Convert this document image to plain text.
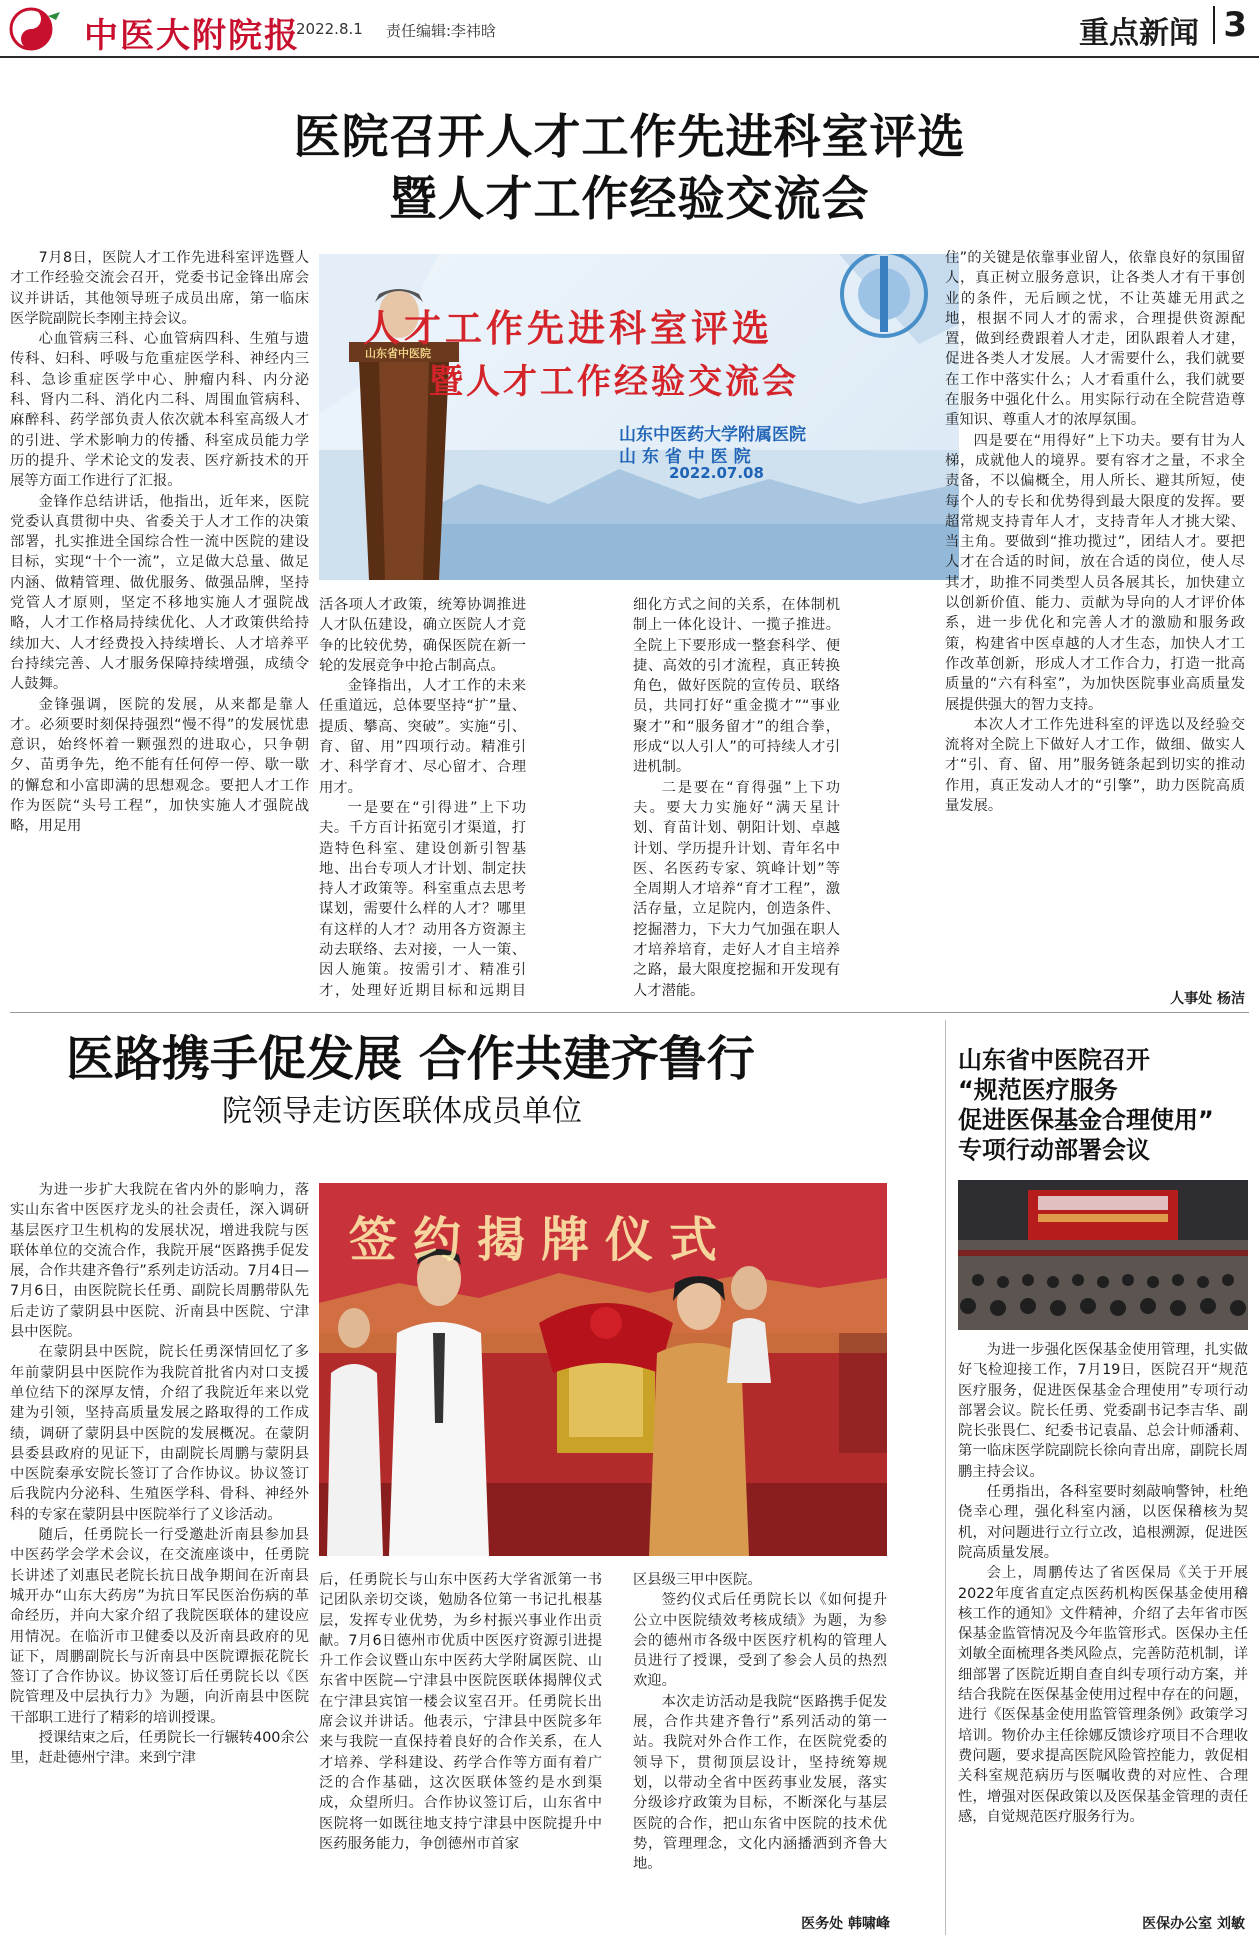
中医大附院报
2022.8.1 责任编辑:李祎晗	重点新闻 3
医院召开人才工作先进科室评选
暨人才工作经验交流会

7月8日，医院人才工作先进科室评选暨人才工作经验交流会召开，党委书记金锋出席会议并讲话，其他领导班子成员出席，第一临床医学院副院长李刚主持会议。

心血管病三科、心血管病四科、生殖与遗传科、妇科、呼吸与危重症医学科、神经内三科、急诊重症医学中心、肿瘤内科、内分泌科、肾内二科、消化内二科、周围血管病科、麻醉科、药学部负责人依次就本科室高级人才的引进、学术影响力的传播、科室成员能力学历的提升、学术论文的发表、医疗新技术的开展等方面工作进行了汇报。

金锋作总结讲话，他指出，近年来，医院党委认真贯彻中央、省委关于人才工作的决策部署，扎实推进全国综合性一流中医院的建设目标，实现“十个一流”，立足做大总量、做足内涵、做精管理、做优服务、做强品牌，坚持党管人才原则，坚定不移地实施人才强院战略，人才工作格局持续优化、人才政策供给持续加大、人才经费投入持续增长、人才培养平台持续完善、人才服务保障持续增强，成绩令人鼓舞。

金锋强调，医院的发展，从来都是靠人才。必须要时刻保持强烈“慢不得”的发展忧患意识，始终怀着一颗强烈的进取心，只争朝夕、苗勇争先，绝不能有任何停一停、歇一歇的懈怠和小富即满的思想观念。要把人才工作作为医院“头号工程”，加快实施人才强院战略，用足用

人才工作先进科室评选
暨人才工作经验交流会
山东中医药大学附属医院
山 东 省 中 医 院
2022.07.08
山东省中医院

活各项人才政策，统筹协调推进人才队伍建设，确立医院人才竞争的比较优势，确保医院在新一轮的发展竞争中抢占制高点。

金锋指出，人才工作的未来任重道远，总体要坚持“扩”量、提质、攀高、突破”。实施“引、育、留、用”四项行动。精准引才、科学育才、尽心留才、合理用才。

一是要在“引得进”上下功夫。千方百计拓宽引才渠道，打造特色科室、建设创新引智基地、出台专项人才计划、制定扶持人才政策等。科室重点去思考谋划，需要什么样的人才？哪里有这样的人才？动用各方资源主动去联络、去对接，一人一策、因人施策。按需引才、精准引才，处理好近期目标和远期目

细化方式之间的关系，在体制机制上一体化设计、一揽子推进。全院上下要形成一整套科学、便捷、高效的引才流程，真正转换角色，做好医院的宣传员、联络员，共同打好“重金揽才”“事业聚才”和“服务留才”的组合拳，形成“以人引人”的可持续人才引进机制。

二是要在“育得强”上下功夫。要大力实施好“满天星计划、育苗计划、朝阳计划、卓越计划、学历提升计划、青年名中医、名医药专家、筑峰计划”等全周期人才培养“育才工程”，激活存量，立足院内，创造条件、挖掘潜力，下大力气加强在职人才培养培育，走好人才自主培养之路，最大限度挖掘和开发现有人才潜能。

住”的关键是依靠事业留人，依靠良好的氛围留人，真正树立服务意识，让各类人才有干事创业的条件，无后顾之忧，不让英雄无用武之地，根据不同人才的需求，合理提供资源配置，做到经费跟着人才走，团队跟着人才建，促进各类人才发展。人才需要什么，我们就要在工作中落实什么；人才看重什么，我们就要在服务中强化什么。用实际行动在全院营造尊重知识、尊重人才的浓厚氛围。

四是要在“用得好”上下功夫。要有甘为人梯，成就他人的境界。要有容才之量，不求全责备，不以偏概全，用人所长、避其所短，使每个人的专长和优势得到最大限度的发挥。要超常规支持青年人才，支持青年人才挑大梁、当主角。要做到“推功揽过”，团结人才。要把人才在合适的时间，放在合适的岗位，使人尽其才，助推不同类型人员各展其长，加快建立以创新价值、能力、贡献为导向的人才评价体系，进一步优化和完善人才的激励和服务政策，构建省中医卓越的人才生态，加快人才工作改革创新，形成人才工作合力，打造一批高质量的“六有科室”，为加快医院事业高质量发展提供强大的智力支持。

本次人才工作先进科室的评选以及经验交流将对全院上下做好人才工作，做细、做实人才“引、育、留、用”服务链条起到切实的推动作用，真正发动人才的“引擎”，助力医院高质量发展。

人事处 杨洁
医路携手促发展 合作共建齐鲁行
院领导走访医联体成员单位

为进一步扩大我院在省内外的影响力，落实山东省中医医疗龙头的社会责任，深入调研基层医疗卫生机构的发展状况，增进我院与医联体单位的交流合作，我院开展“医路携手促发展，合作共建齐鲁行”系列走访活动。7月4日—7月6日，由医院院长任勇、副院长周鹏带队先后走访了蒙阴县中医院、沂南县中医院、宁津县中医院。

在蒙阴县中医院，院长任勇深情回忆了多年前蒙阴县中医院作为我院首批省内对口支援单位结下的深厚友情，介绍了我院近年来以党建为引领，坚持高质量发展之路取得的工作成绩，调研了蒙阴县中医院的发展概况。在蒙阴县委县政府的见证下，由副院长周鹏与蒙阴县中医院秦承安院长签订了合作协议。协议签订后我院内分泌科、生殖医学科、骨科、神经外科的专家在蒙阴县中医院举行了义诊活动。

随后，任勇院长一行受邀赴沂南县参加县中医药学会学术会议，在交流座谈中，任勇院长讲述了刘惠民老院长抗日战争期间在沂南县城开办“山东大药房”为抗日军民医治伤病的革命经历，并向大家介绍了我院医联体的建设应用情况。在临沂市卫健委以及沂南县政府的见证下，周鹏副院长与沂南县中医院谭振花院长签订了合作协议。协议签订后任勇院长以《医院管理及中层执行力》为题，向沂南县中医院干部职工进行了精彩的培训授课。

授课结束之后，任勇院长一行辗转400余公里，赶赴德州宁津。来到宁津

签约揭牌仪式

后，任勇院长与山东中医药大学省派第一书记团队亲切交谈，勉励各位第一书记扎根基层，发挥专业优势，为乡村振兴事业作出贡献。7月6日德州市优质中医医疗资源引进提升工作会议暨山东中医药大学附属医院、山东省中医院—宁津县中医院医联体揭牌仪式在宁津县宾馆一楼会议室召开。任勇院长出席会议并讲话。他表示，宁津县中医院多年来与我院一直保持着良好的合作关系，在人才培养、学科建设、药学合作等方面有着广泛的合作基础，这次医联体签约是水到渠成，众望所归。合作协议签订后，山东省中医院将一如既往地支持宁津县中医院提升中医药服务能力，争创德州市首家

区县级三甲中医院。

签约仪式后任勇院长以《如何提升公立中医院绩效考核成绩》为题，为参会的德州市各级中医医疗机构的管理人员进行了授课，受到了参会人员的热烈欢迎。

本次走访活动是我院“医路携手促发展，合作共建齐鲁行”系列活动的第一站。我院对外合作工作，在医院党委的领导下，贯彻顶层设计，坚持统筹规划，以带动全省中医药事业发展，落实分级诊疗政策为目标，不断深化与基层医院的合作，把山东省中医院的技术优势，管理理念，文化内涵播洒到齐鲁大地。

医务处 韩啸峰
山东省中医院召开
“规范医疗服务
促进医保基金合理使用”
专项行动部署会议

为进一步强化医保基金使用管理，扎实做好飞检迎接工作，7月19日，医院召开“规范医疗服务，促进医保基金合理使用”专项行动部署会议。院长任勇、党委副书记李吉华、副院长张畏仁、纪委书记袁晶、总会计师潘莉、第一临床医学院副院长徐向青出席，副院长周鹏主持会议。

任勇指出，各科室要时刻敲响警钟，杜绝侥幸心理，强化科室内涵，以医保稽核为契机，对问题进行立行立改，追根溯源，促进医院高质量发展。

会上，周鹏传达了省医保局《关于开展2022年度省直定点医药机构医保基金使用稽核工作的通知》文件精神，介绍了去年省市医保基金监管情况及今年监管形式。医保办主任刘敏全面梳理各类风险点，完善防范机制，详细部署了医院近期自查自纠专项行动方案，并结合我院在医保基金使用过程中存在的问题，进行《医保基金使用监管管理条例》政策学习培训。物价办主任徐娜反馈诊疗项目不合理收费问题，要求提高医院风险管控能力，敦促相关科室规范病历与医嘱收费的对应性、合理性，增强对医保政策以及医保基金管理的责任感，自觉规范医疗服务行为。

医保办公室 刘敏
